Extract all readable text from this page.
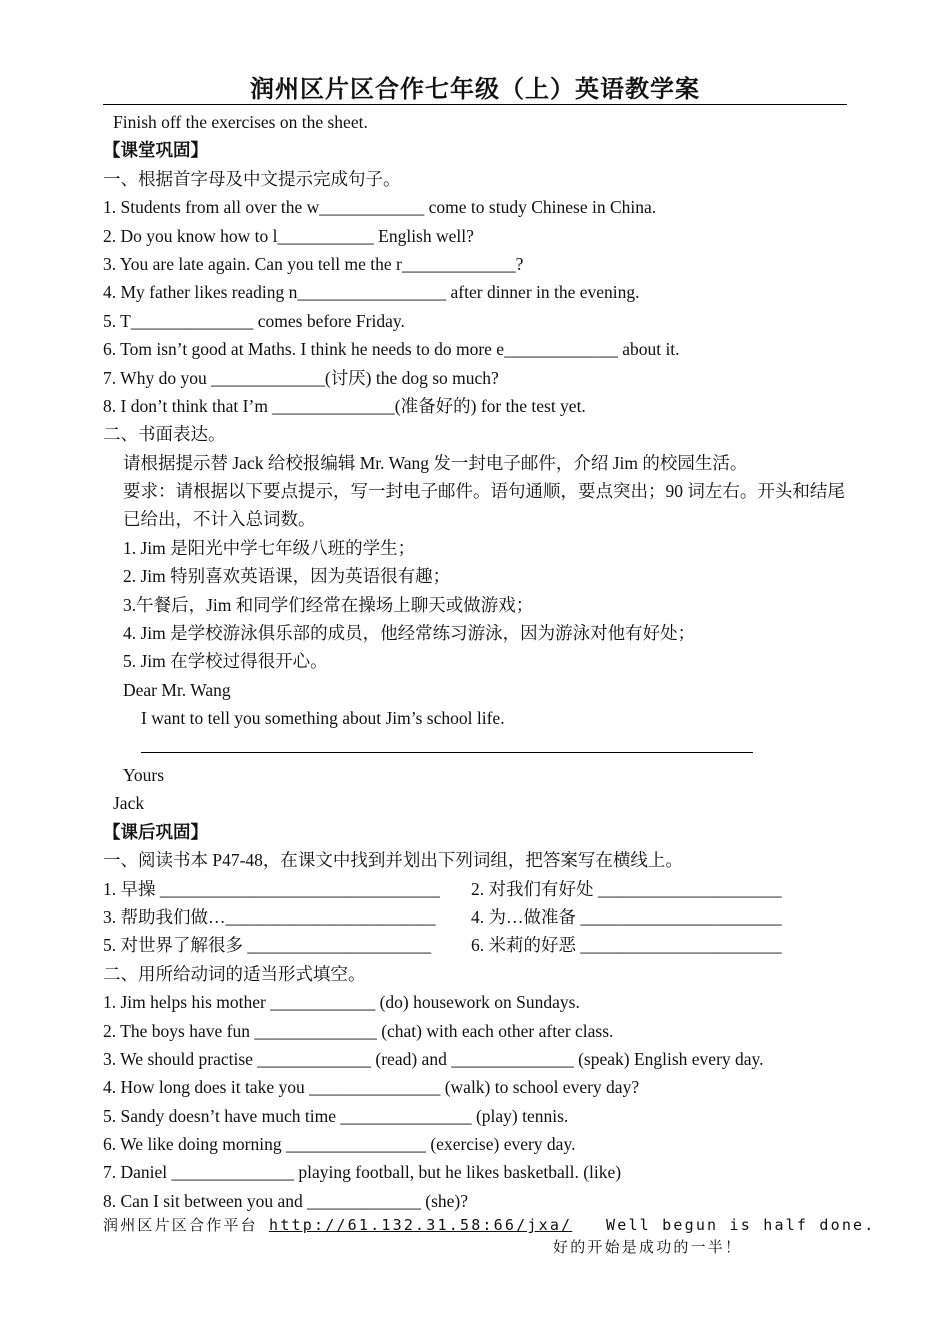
润州区片区合作七年级（上）英语教学案
Finish off the exercises on the sheet.
【课堂巩固】
一、根据首字母及中文提示完成句子。
1. Students from all over the w____________ come to study Chinese in China.
2. Do you know how to l___________ English well?
3. You are late again. Can you tell me the r_____________?
4. My father likes reading n_________________ after dinner in the evening.
5. T______________ comes before Friday.
6. Tom isn’t good at Maths. I think he needs to do more e_____________ about it.
7. Why do you _____________(讨厌) the dog so much?
8. I don’t think that I’m ______________(准备好的) for the test yet.
二、书面表达。
请根据提示替 Jack 给校报编辑 Mr. Wang 发一封电子邮件，介绍 Jim 的校园生活。
要求：请根据以下要点提示，写一封电子邮件。语句通顺，要点突出；90 词左右。开头和结尾已给出，不计入总词数。
1. Jim 是阳光中学七年级八班的学生；
2. Jim 特别喜欢英语课，因为英语很有趣；
3.午餐后，Jim 和同学们经常在操场上聊天或做游戏；
4. Jim 是学校游泳俱乐部的成员，他经常练习游泳，因为游泳对他有好处；
5. Jim 在学校过得很开心。
Dear Mr. Wang
I want to tell you something about Jim’s school life.
Yours
Jack
【课后巩固】
一、阅读书本 P47-48，在课文中找到并划出下列词组，把答案写在横线上。
1. 早操 ________________________________	2. 对我们有好处 _____________________
3. 帮助我们做…________________________	4. 为…做准备 _______________________
5. 对世界了解很多 _____________________	6. 米莉的好恶 _______________________
二、用所给动词的适当形式填空。
1. Jim helps his mother ____________ (do) housework on Sundays.
2. The boys have fun ______________ (chat) with each other after class.
3. We should practise _____________ (read) and ______________ (speak) English every day.
4. How long does it take you _______________ (walk) to school every day?
5. Sandy doesn’t have much time _______________ (play) tennis.
6. We like doing morning ________________ (exercise) every day.
7. Daniel ______________ playing football, but he likes basketball. (like)
8. Can I sit between you and _____________ (she)?
润州区片区合作平台 http://61.132.31.58:66/jxa/ Well begun is half done.
好的开始是成功的一半！
